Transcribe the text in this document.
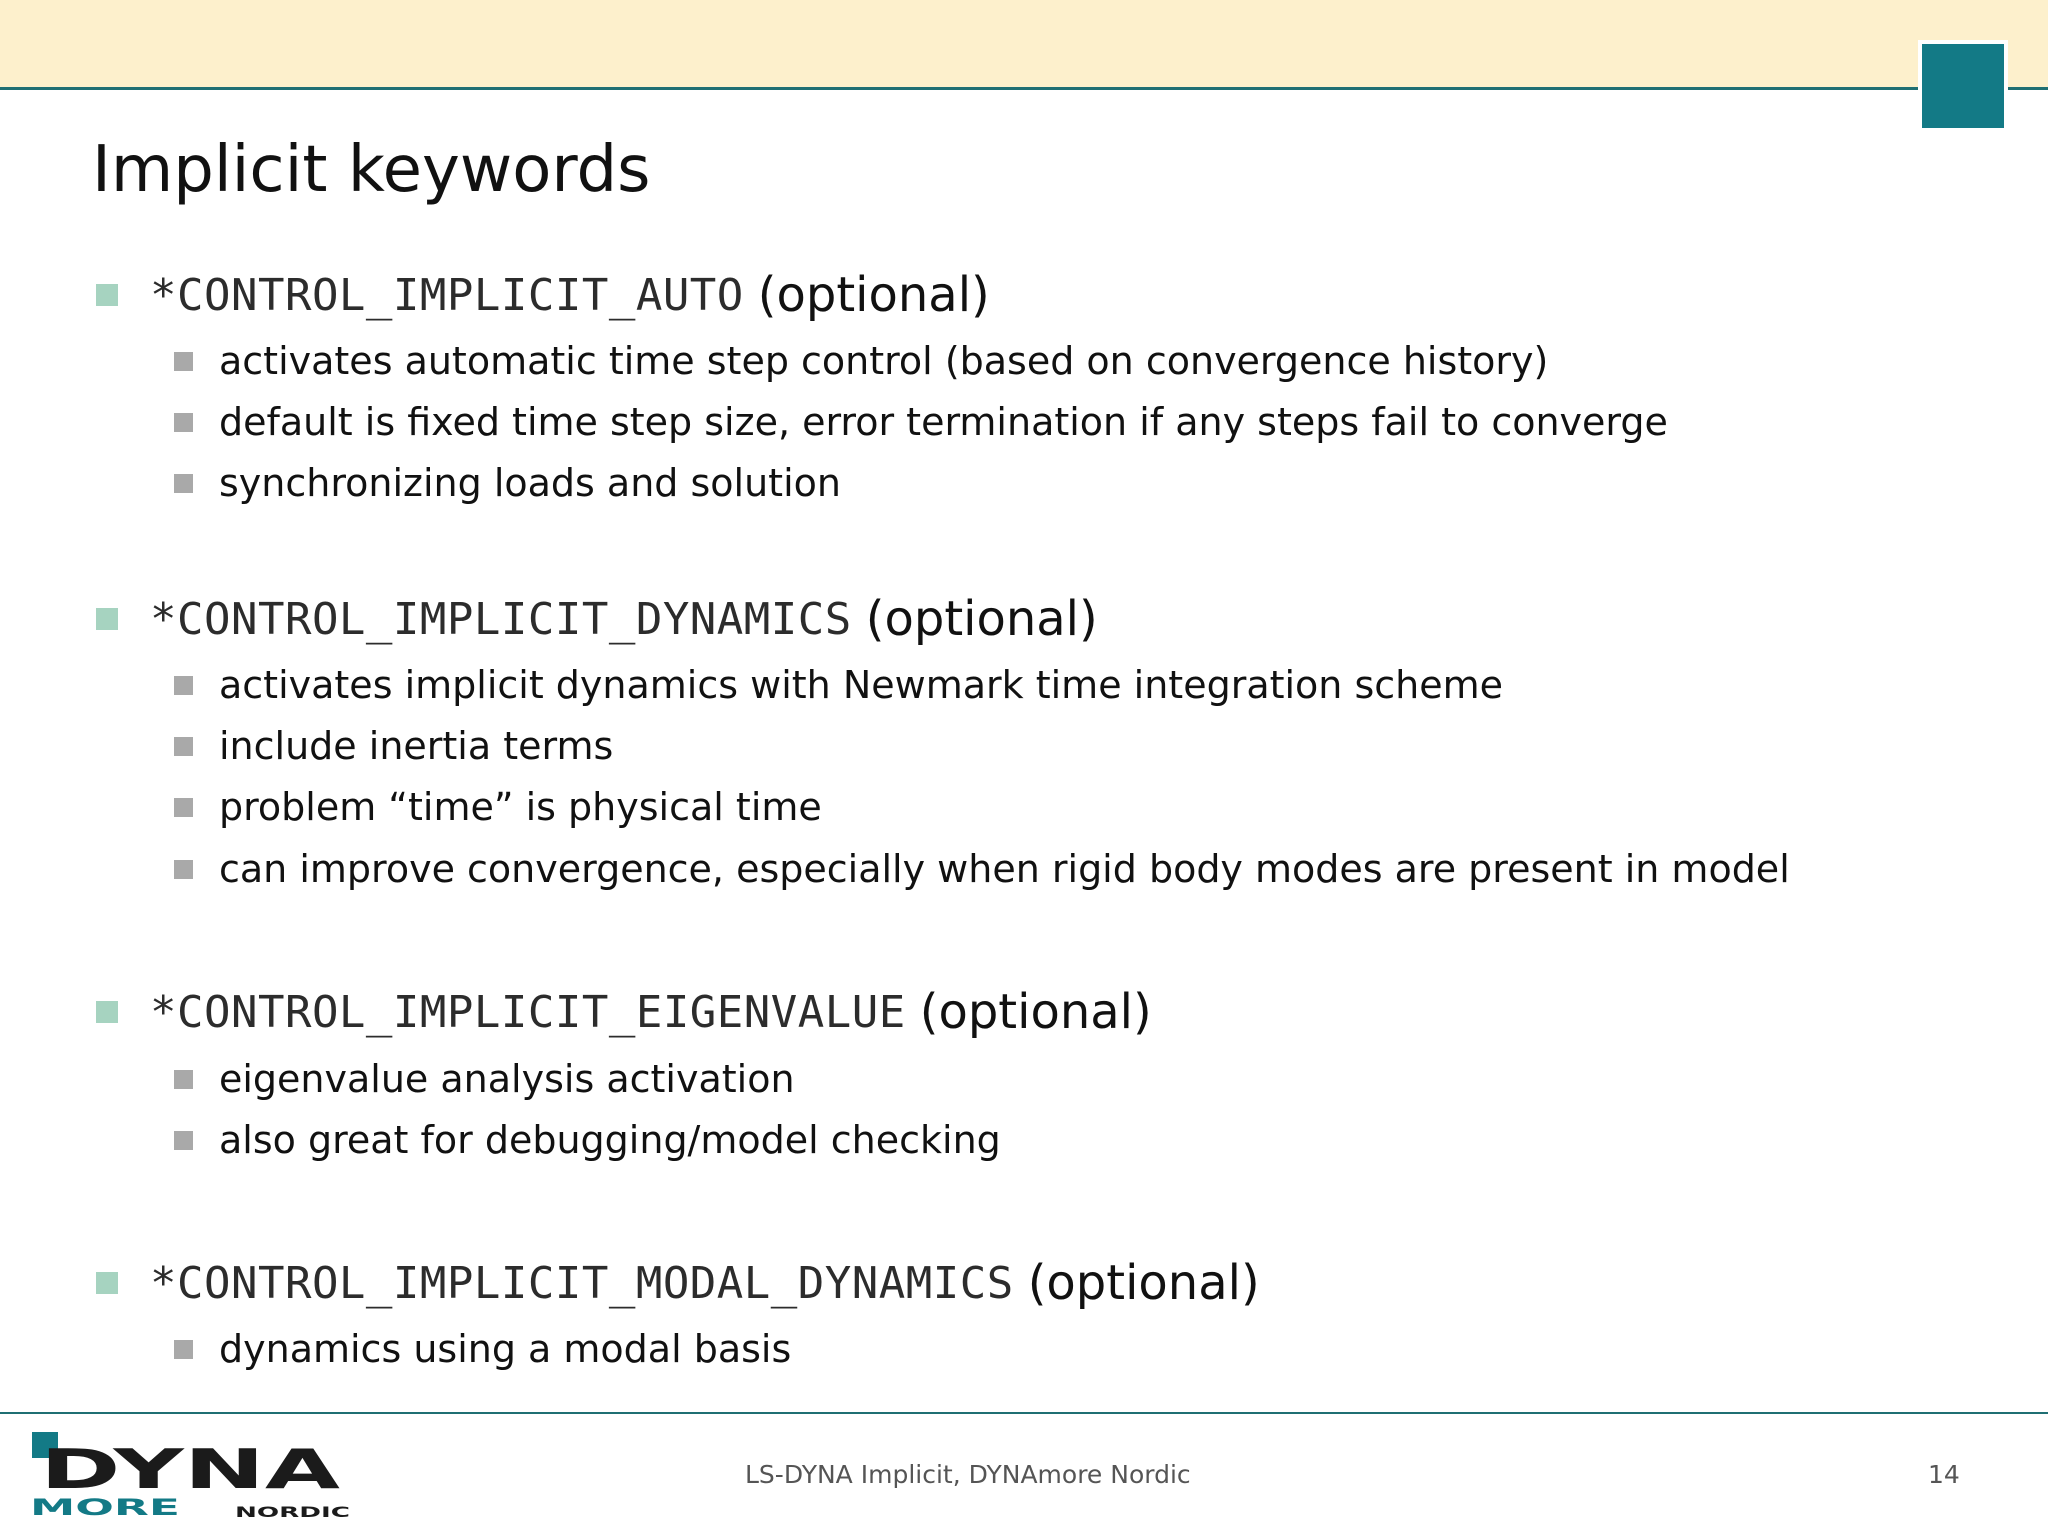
Implicit keywords
*CONTROL_IMPLICIT_AUTO (optional)
activates automatic time step control (based on convergence history)
default is fixed time step size, error termination if any steps fail to converge
synchronizing loads and solution
*CONTROL_IMPLICIT_DYNAMICS (optional)
activates implicit dynamics with Newmark time integration scheme
include inertia terms
problem “time” is physical time
can improve convergence, especially when rigid body modes are present in model
*CONTROL_IMPLICIT_EIGENVALUE (optional)
eigenvalue analysis activation
also great for debugging/model checking
*CONTROL_IMPLICIT_MODAL_DYNAMICS (optional)
dynamics using a modal basis
DYNA
MORE	NORDIC
LS-DYNA Implicit, DYNAmore Nordic	14
